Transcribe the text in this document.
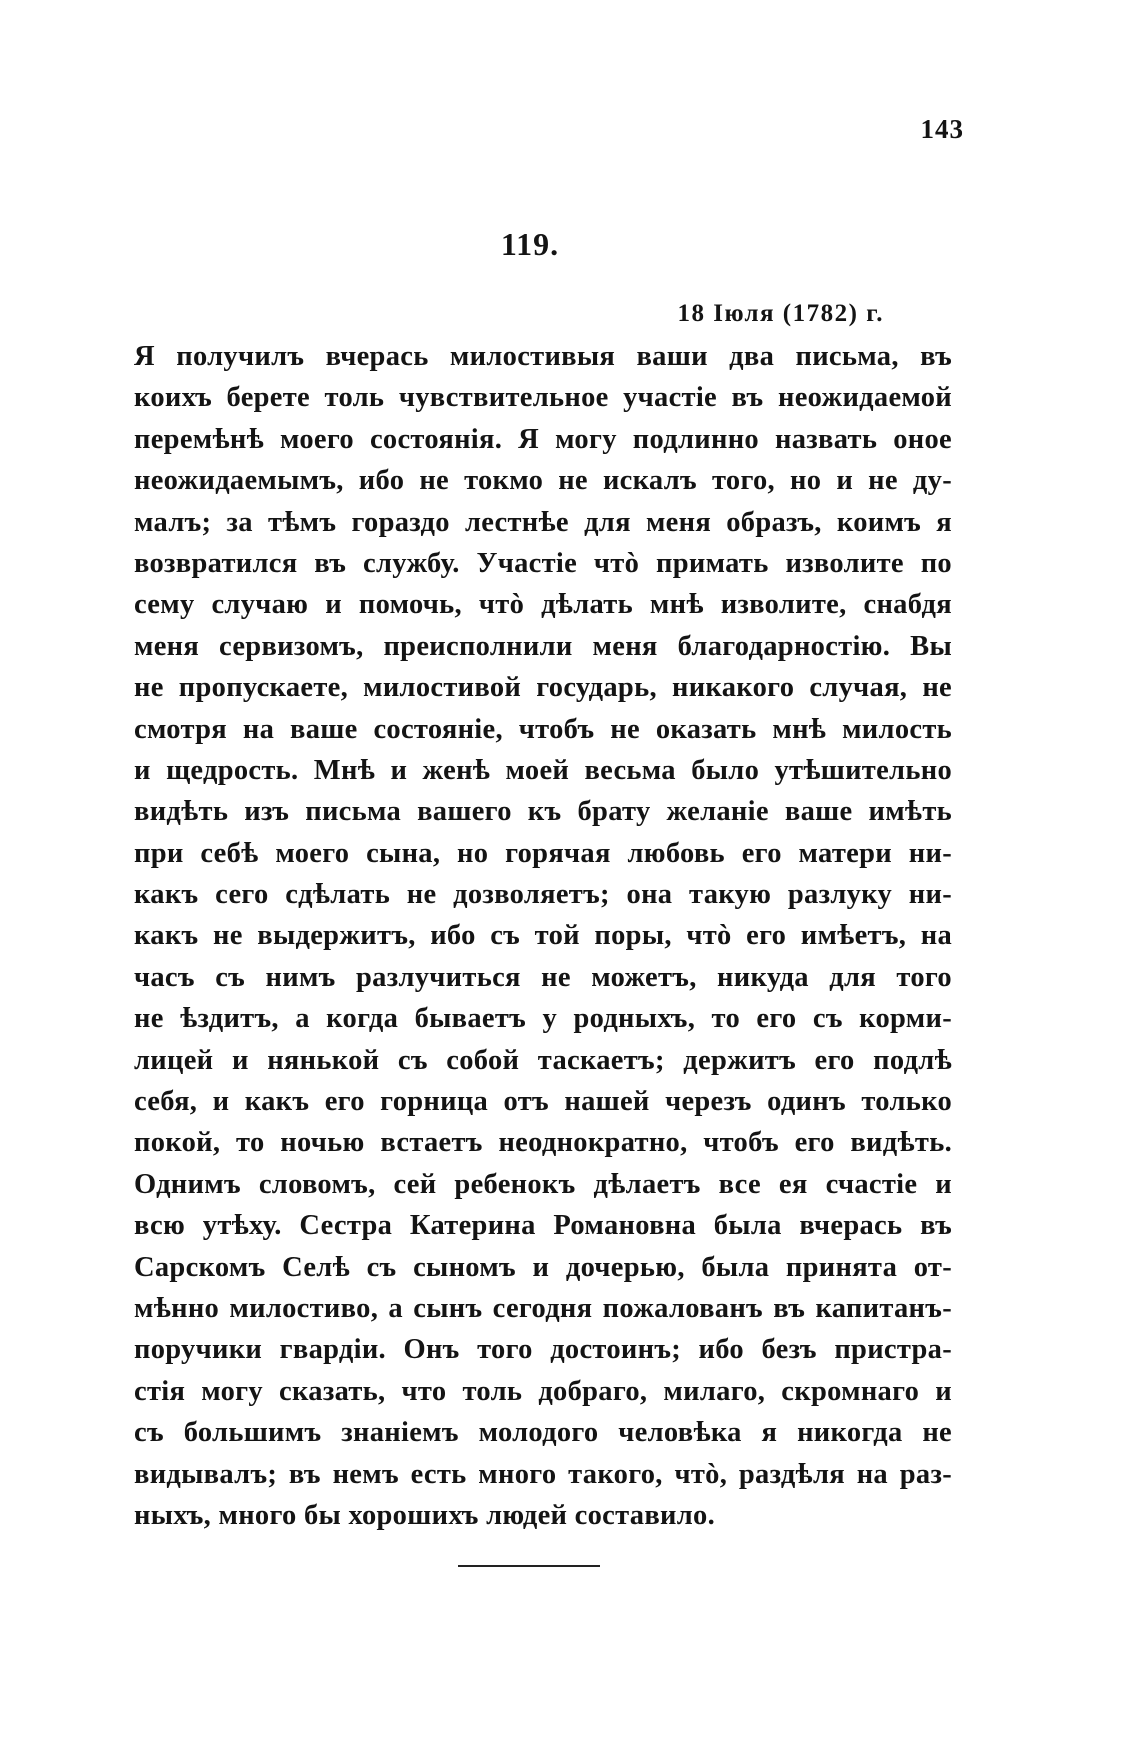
143
119.
18 Іюля (1782) г.
Я получилъ вчерась милостивыя ваши два письма, въ
коихъ берете толь чувствительное участіе въ неожидаемой
перемѣнѣ моего состоянія. Я могу подлинно назвать оное
неожидаемымъ, ибо не токмо не искалъ того, но и не ду-
малъ; за тѣмъ гораздо лестнѣе для меня образъ, коимъ я
возвратился въ службу. Участіе чтò примать изволите по
сему случаю и помочь, чтò дѣлать мнѣ изволите, снабдя
меня сервизомъ, преисполнили меня благодарностію. Вы
не пропускаете, милостивой государь, никакого случая, не
смотря на ваше состояніе, чтобъ не оказать мнѣ милость
и щедрость. Мнѣ и женѣ моей весьма было утѣшительно
видѣть изъ письма вашего къ брату желаніе ваше имѣть
при себѣ моего сына, но горячая любовь его матери ни-
какъ сего сдѣлать не дозволяетъ; она такую разлуку ни-
какъ не выдержитъ, ибо съ той поры, чтò его имѣетъ, на
часъ съ нимъ разлучиться не можетъ, никуда для того
не ѣздитъ, а когда бываетъ у родныхъ, то его съ корми-
лицей и нянькой съ собой таскаетъ; держитъ его подлѣ
себя, и какъ его горница отъ нашей черезъ одинъ только
покой, то ночью встаетъ неоднократно, чтобъ его видѣть.
Однимъ словомъ, сей ребенокъ дѣлаетъ все ея счастіе и
всю утѣху. Сестра Катерина Романовна была вчерась въ
Сарскомъ Селѣ съ сыномъ и дочерью, была принята от-
мѣнно милостиво, а сынъ сегодня пожалованъ въ капитанъ-
поручики гвардіи. Онъ того достоинъ; ибо безъ пристра-
стія могу сказать, что толь добраго, милаго, скромнаго и
съ большимъ знаніемъ молодого человѣка я никогда не
видывалъ; въ немъ есть много такого, чтò, раздѣля на раз-
ныхъ, много бы хорошихъ людей составило.
